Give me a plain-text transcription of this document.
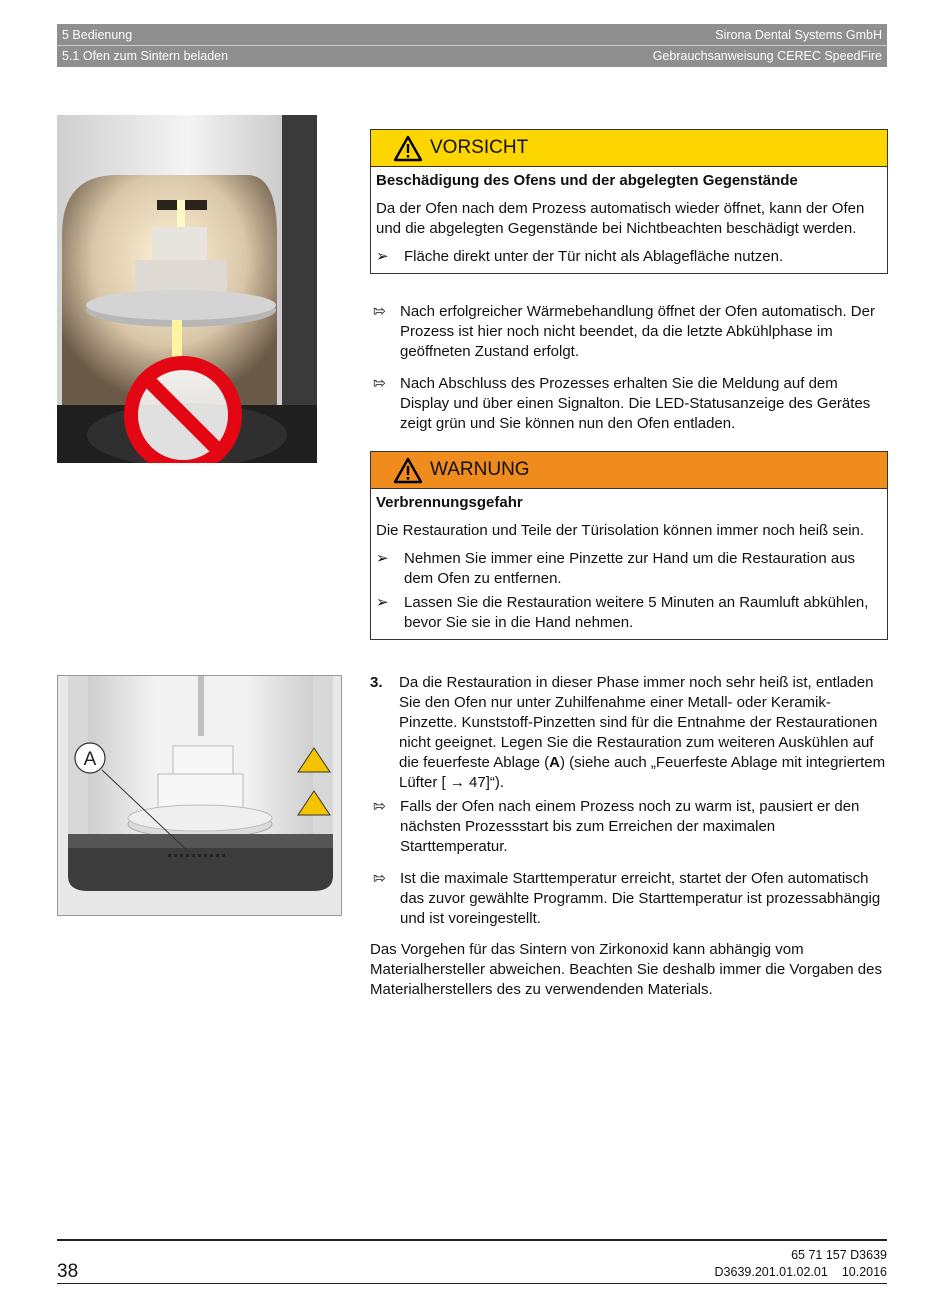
5 Bedienung
5.1 Ofen zum Sintern beladen
Sirona Dental Systems GmbH
Gebrauchsanweisung CEREC SpeedFire
VORSICHT
Beschädigung des Ofens und der abgelegten Gegenstände
Da der Ofen nach dem Prozess automatisch wieder öffnet, kann der Ofen und die abgelegten Gegenstände bei Nichtbeachten beschädigt werden.
➢	Fläche direkt unter der Tür nicht als Ablagefläche nutzen.
⇰ Nach erfolgreicher Wärmebehandlung öffnet der Ofen automatisch. Der Prozess ist hier noch nicht beendet, da die letzte Abkühlphase im geöffneten Zustand erfolgt.
⇰ Nach Abschluss des Prozesses erhalten Sie die Meldung auf dem Display und über einen Signalton. Die LED-Statusanzeige des Gerätes zeigt grün und Sie können nun den Ofen entladen.
WARNUNG
Verbrennungsgefahr
Die Restauration und Teile der Türisolation können immer noch heiß sein.
➢	Nehmen Sie immer eine Pinzette zur Hand um die Restauration aus dem Ofen zu entfernen.
➢	Lassen Sie die Restauration weitere 5 Minuten an Raumluft abkühlen, bevor Sie sie in die Hand nehmen.
A
3. Da die Restauration in dieser Phase immer noch sehr heiß ist, entladen Sie den Ofen nur unter Zuhilfenahme einer Metall- oder Keramik-Pinzette. Kunststoff-Pinzetten sind für die Entnahme der Restaurationen nicht geeignet. Legen Sie die Restauration zum weiteren Auskühlen auf die feuerfeste Ablage (A) (siehe auch „Feuerfeste Ablage mit integriertem Lüfter [ → 47]“).
⇰ Falls der Ofen nach einem Prozess noch zu warm ist, pausiert er den nächsten Prozessstart bis zum Erreichen der maximalen Starttemperatur.
⇰ Ist die maximale Starttemperatur erreicht, startet der Ofen automatisch das zuvor gewählte Programm. Die Starttemperatur ist prozessabhängig und ist voreingestellt.
Das Vorgehen für das Sintern von Zirkonoxid kann abhängig vom Materialhersteller abweichen. Beachten Sie deshalb immer die Vorgaben des Materialherstellers des zu verwendenden Materials.
38
65 71 157 D3639
D3639.201.01.02.01 10.2016
